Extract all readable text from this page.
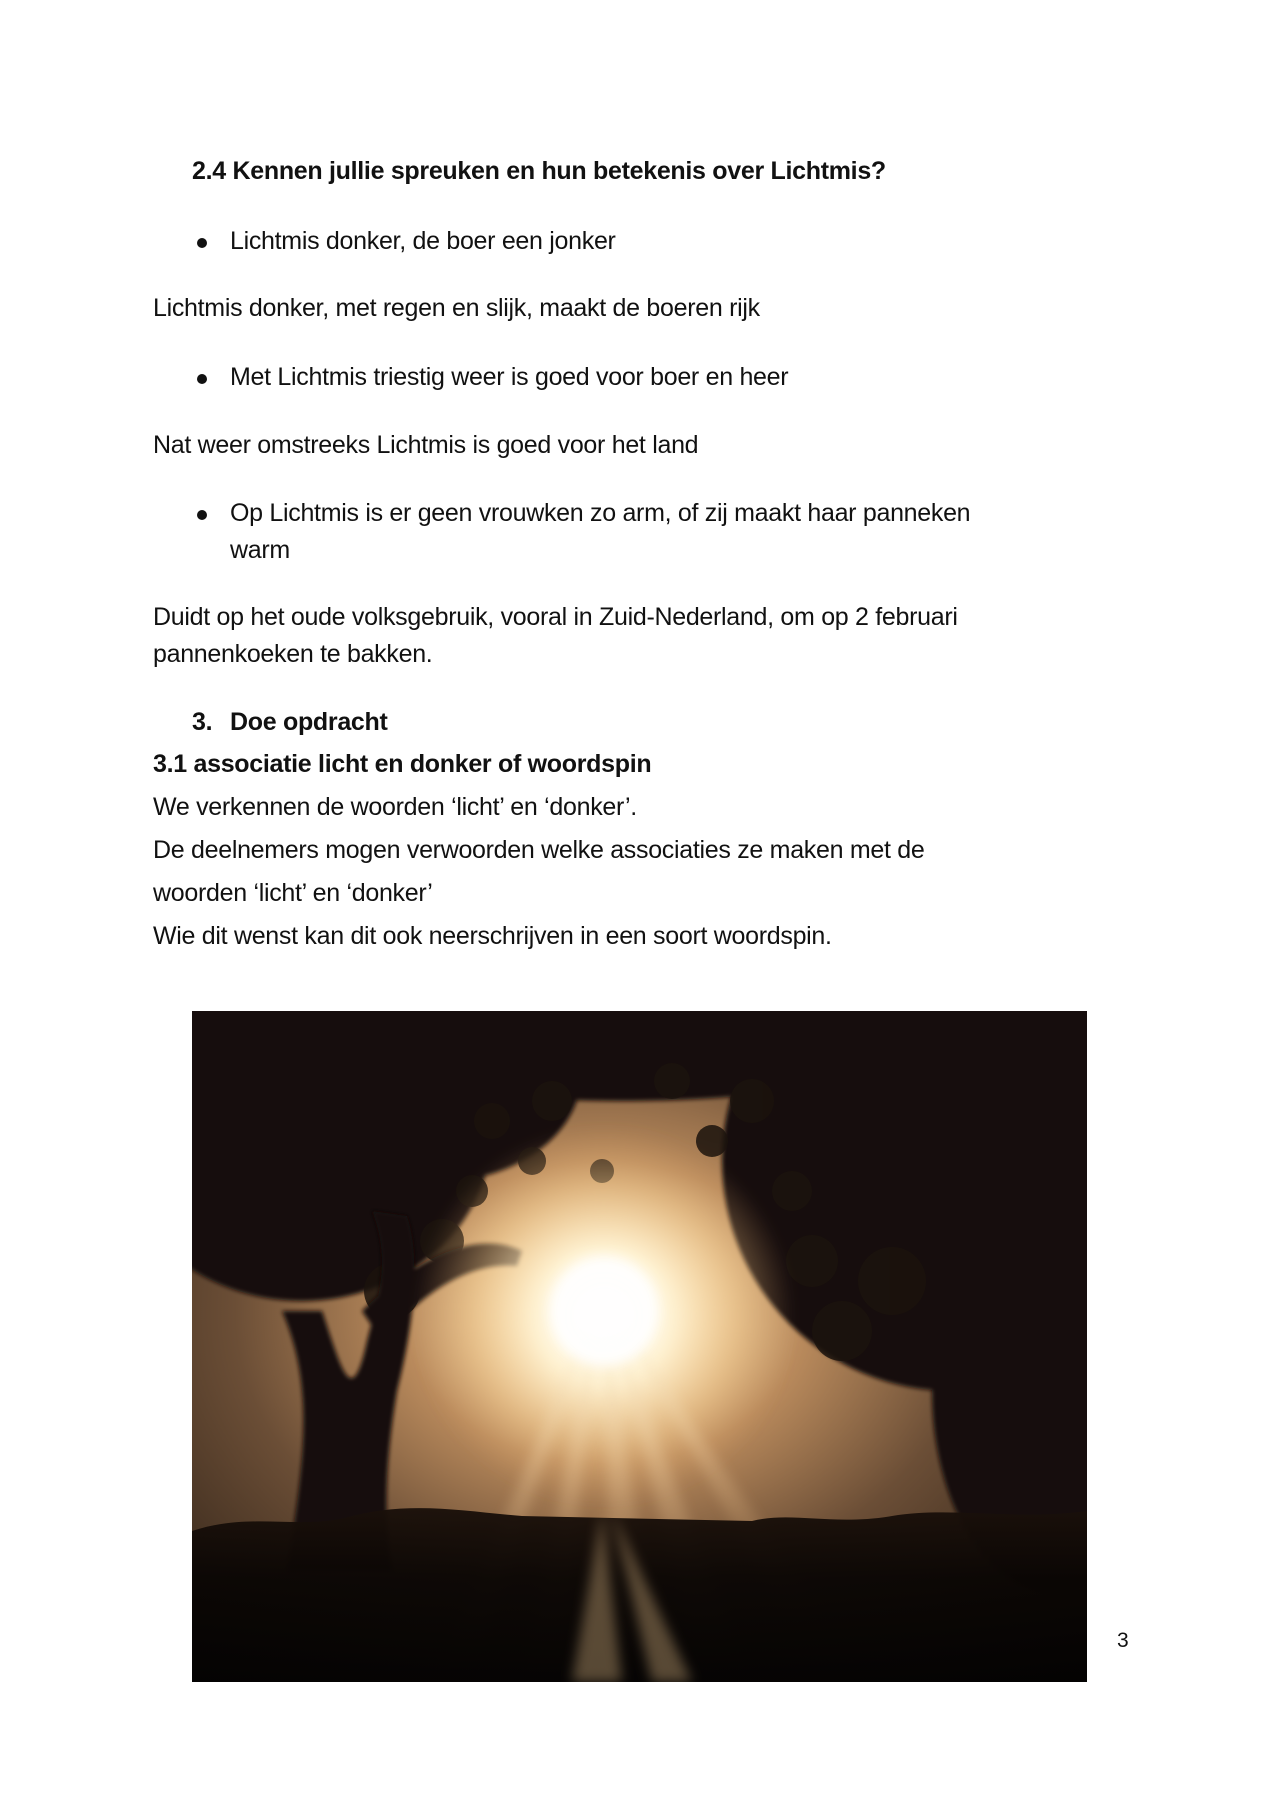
2.4 Kennen jullie spreuken en hun betekenis over Lichtmis?
Lichtmis donker, de boer een jonker
Lichtmis donker, met regen en slijk, maakt de boeren rijk
Met Lichtmis triestig weer is goed voor boer en heer
Nat weer omstreeks Lichtmis is goed voor het land
Op Lichtmis is er geen vrouwken zo arm, of zij maakt haar panneken
warm
Duidt op het oude volksgebruik, vooral in Zuid-Nederland, om op 2 februari
pannenkoeken te bakken.
3. Doe opdracht
3.1 associatie licht en donker of woordspin
We verkennen de woorden ‘licht’ en ‘donker’.
De deelnemers mogen verwoorden welke associaties ze maken met de
woorden ‘licht’ en ‘donker’
Wie dit wenst kan dit ook neerschrijven in een soort woordspin.
3
